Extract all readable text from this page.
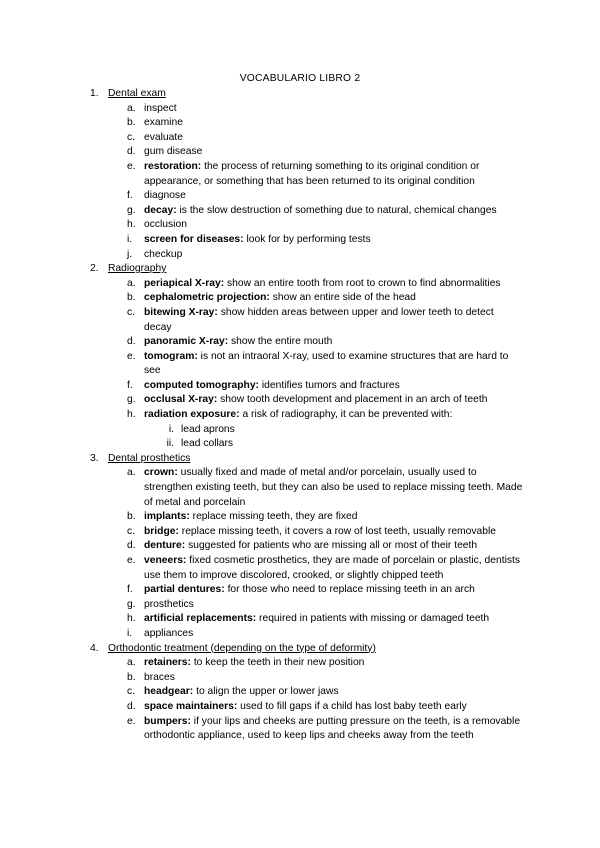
VOCABULARIO LIBRO 2
1. Dental exam
a. inspect
b. examine
c. evaluate
d. gum disease
e. restoration: the process of returning something to its original condition or appearance, or something that has been returned to its original condition
f. diagnose
g. decay: is the slow destruction of something due to natural, chemical changes
h. occlusion
i. screen for diseases: look for by performing tests
j. checkup
2. Radiography
a. periapical X-ray: show an entire tooth from root to crown to find abnormalities
b. cephalometric projection: show an entire side of the head
c. bitewing X-ray: show hidden areas between upper and lower teeth to detect decay
d. panoramic X-ray: show the entire mouth
e. tomogram: is not an intraoral X-ray, used to examine structures that are hard to see
f. computed tomography: identifies tumors and fractures
g. occlusal X-ray: show tooth development and placement in an arch of teeth
h. radiation exposure: a risk of radiography, it can be prevented with:
i. lead aprons
ii. lead collars
3. Dental prosthetics
a. crown: usually fixed and made of metal and/or porcelain, usually used to strengthen existing teeth, but they can also be used to replace missing teeth. Made of metal and porcelain
b. implants: replace missing teeth, they are fixed
c. bridge: replace missing teeth, it covers a row of lost teeth, usually removable
d. denture: suggested for patients who are missing all or most of their teeth
e. veneers: fixed cosmetic prosthetics, they are made of porcelain or plastic, dentists use them to improve discolored, crooked, or slightly chipped teeth
f. partial dentures: for those who need to replace missing teeth in an arch
g. prosthetics
h. artificial replacements: required in patients with missing or damaged teeth
i. appliances
4. Orthodontic treatment (depending on the type of deformity)
a. retainers: to keep the teeth in their new position
b. braces
c. headgear: to align the upper or lower jaws
d. space maintainers: used to fill gaps if a child has lost baby teeth early
e. bumpers: if your lips and cheeks are putting pressure on the teeth, is a removable orthodontic appliance, used to keep lips and cheeks away from the teeth
